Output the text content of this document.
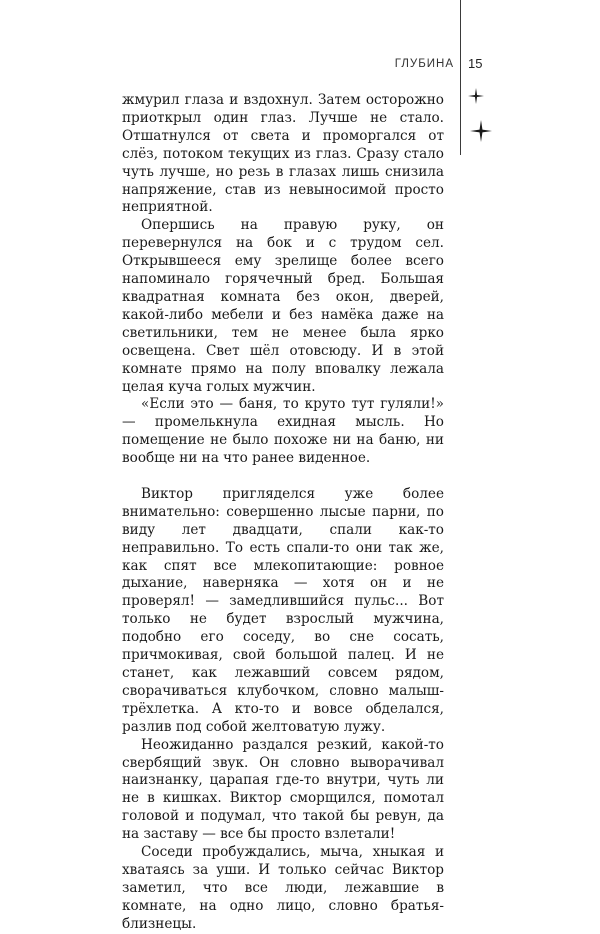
ГЛУБИНА 15

жмурил глаза и вздохнул. Затем осторожно приоткрыл один глаз. Лучше не стало. Отшатнулся от света и проморгался от слёз, потоком текущих из глаз. Сразу стало чуть лучше, но резь в глазах лишь снизила напряжение, став из невыносимой просто неприятной.

Опершись на правую руку, он перевернулся на бок и с трудом сел. Открывшееся ему зрелище более всего напоминало горячечный бред. Большая квадратная комната без окон, дверей, какой-либо мебели и без намёка даже на светильники, тем не менее была ярко освещена. Свет шёл отовсюду. И в этой комнате прямо на полу вповалку лежала целая куча голых мужчин.

«Если это — баня, то круто тут гуляли!» — промелькнула ехидная мысль. Но помещение не было похоже ни на баню, ни вообще ни на что ранее виденное.

Виктор пригляделся уже более внимательно: совершенно лысые парни, по виду лет двадцати, спали как-то неправильно. То есть спали-то они так же, как спят все млекопитающие: ровное дыхание, наверняка — хотя он и не проверял! — замедлившийся пульс... Вот только не будет взрослый мужчина, подобно его соседу, во сне сосать, причмокивая, свой большой палец. И не станет, как лежавший совсем рядом, сворачиваться клубочком, словно малыш-трёхлетка. А кто-то и вовсе обделался, разлив под собой желтоватую лужу.

Неожиданно раздался резкий, какой-то свербящий звук. Он словно выворачивал наизнанку, царапая где-то внутри, чуть ли не в кишках. Виктор сморщился, помотал головой и подумал, что такой бы ревун, да на заставу — все бы просто взлетали!

Соседи пробуждались, мыча, хныкая и хватаясь за уши. И только сейчас Виктор заметил, что все люди, лежавшие в комнате, на одно лицо, словно братья-близнецы.
